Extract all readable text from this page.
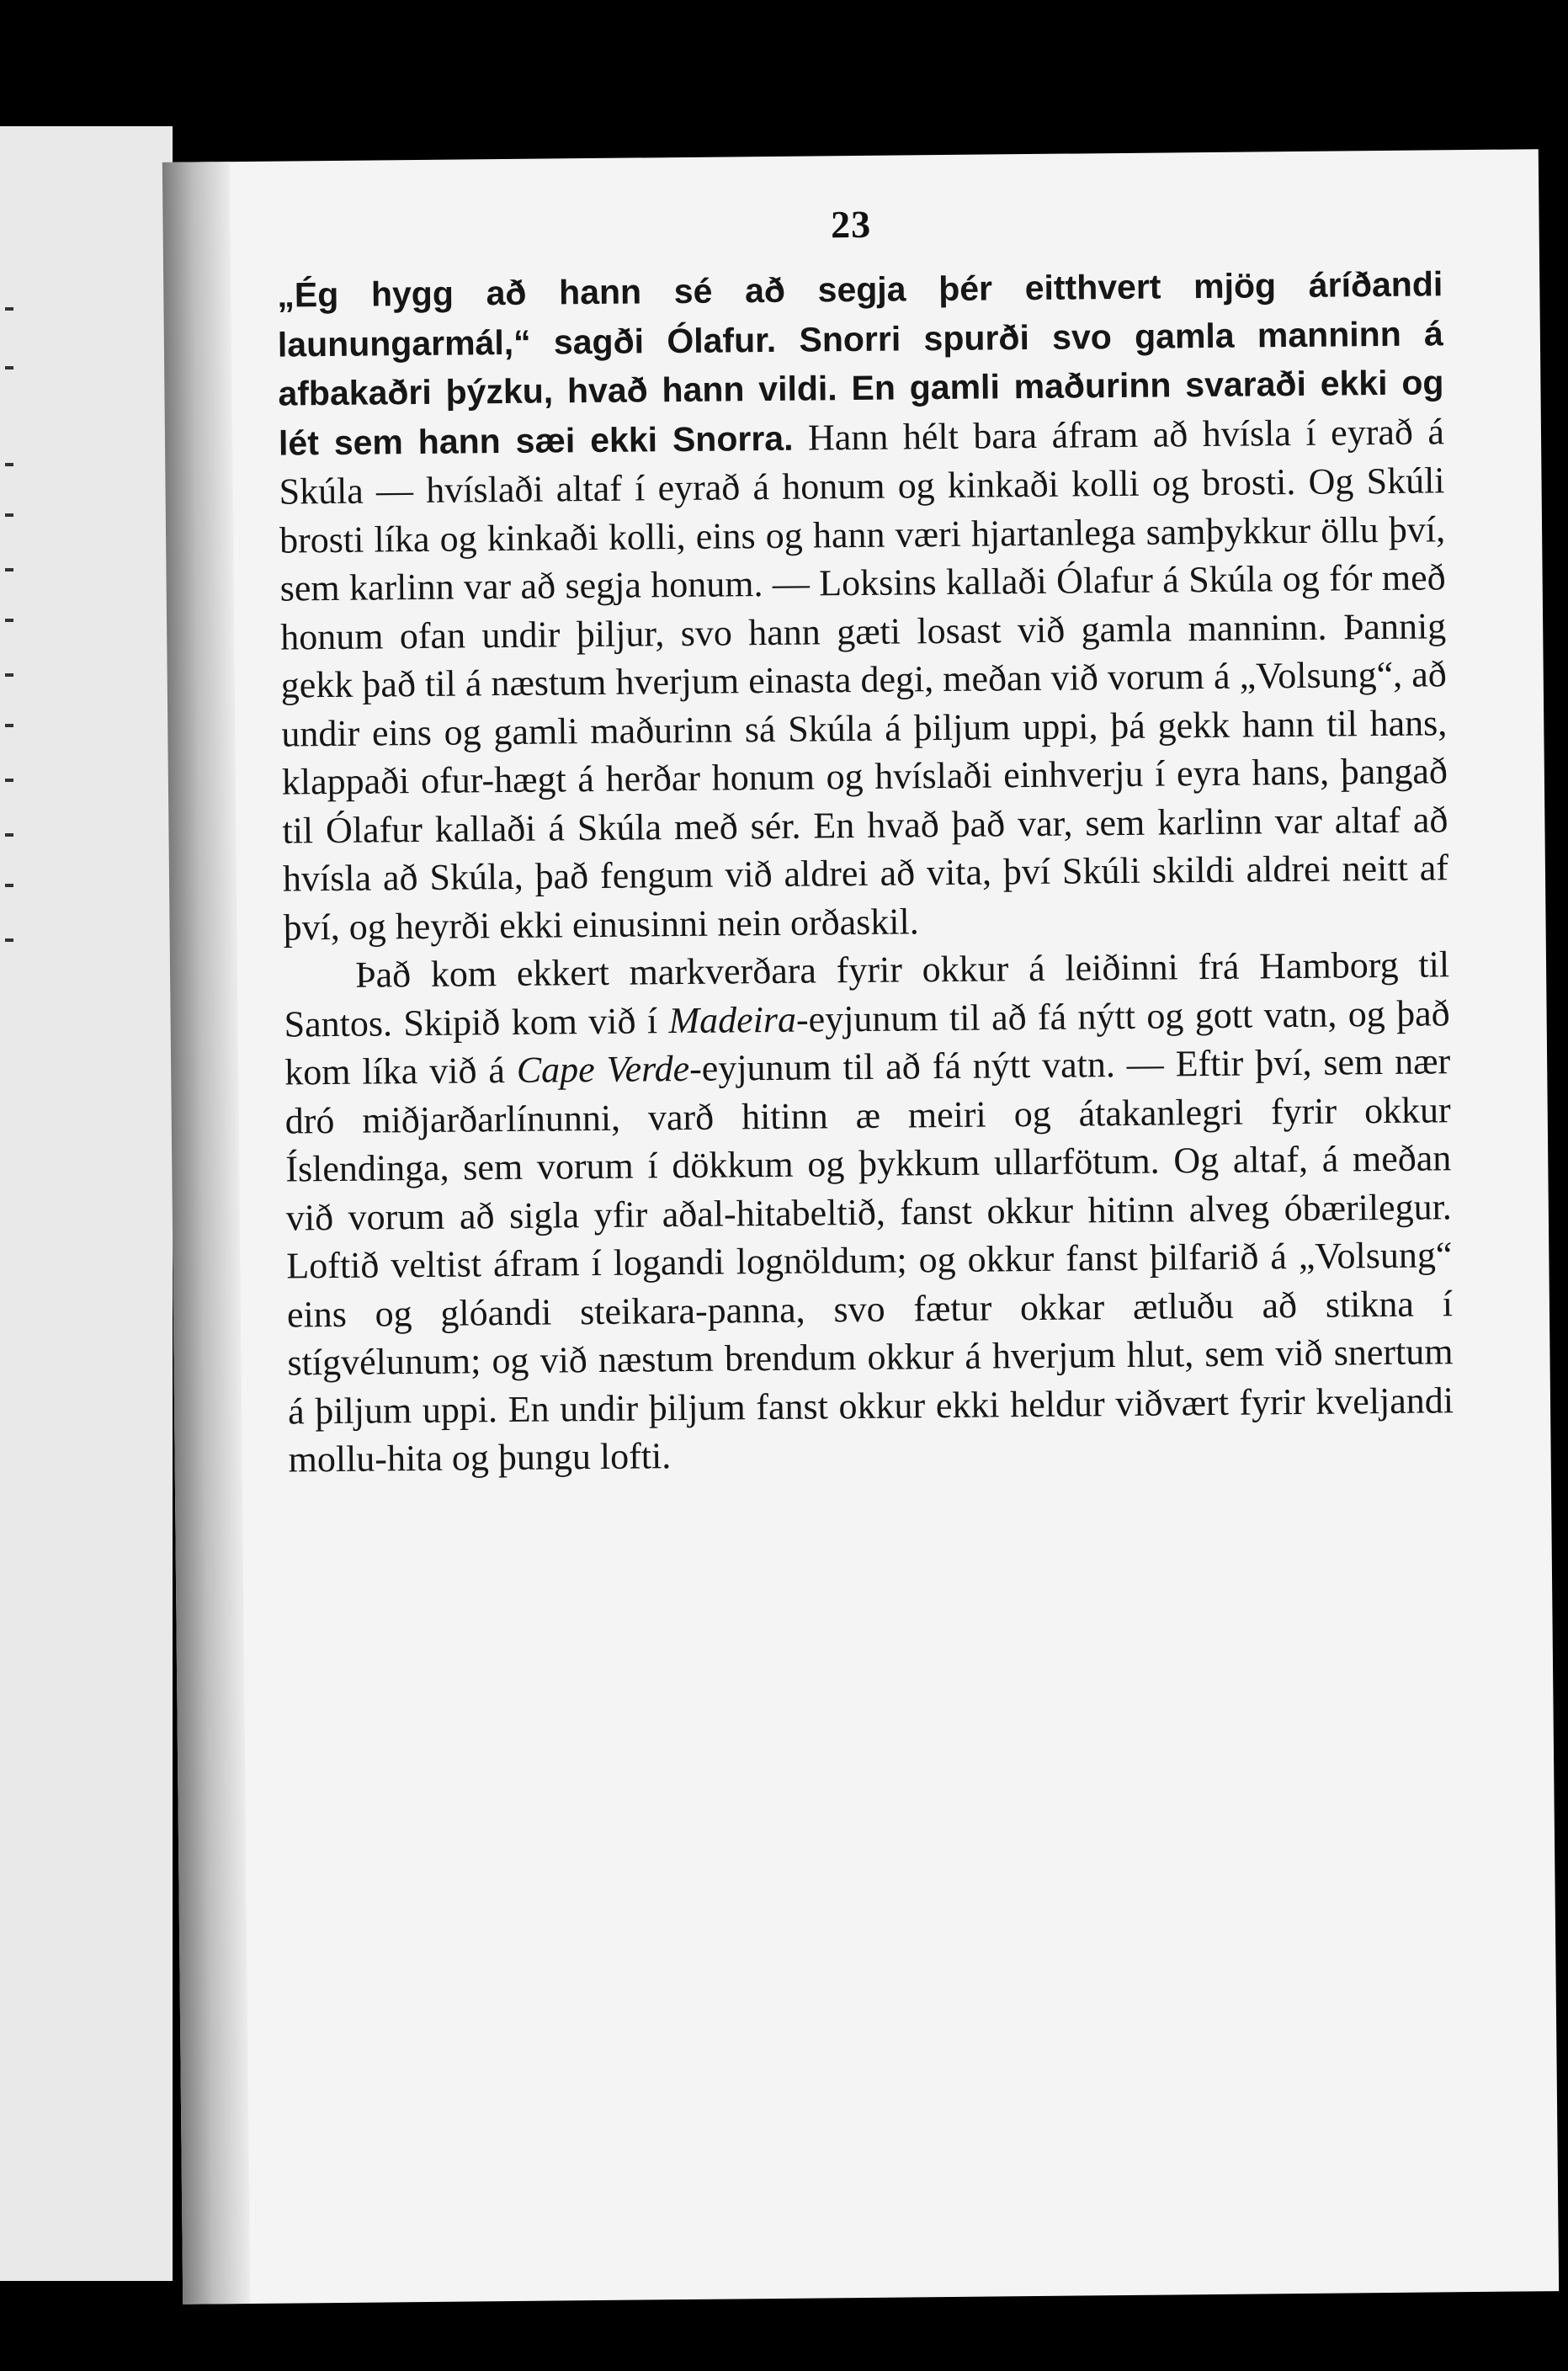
23

„Ég hygg að hann sé að segja þér eitthvert mjög áríðandi launungarmál,“ sagði Ólafur. Snorri spurði svo gamla manninn á afbakaðri þýzku, hvað hann vildi. En gamli maðurinn svaraði ekki og lét sem hann sæi ekki Snorra. Hann hélt bara áfram að hvísla í eyrað á Skúla — hvíslaði altaf í eyrað á honum og kinkaði kolli og brosti. Og Skúli brosti líka og kinkaði kolli, eins og hann væri hjartanlega samþykkur öllu því, sem karlinn var að segja honum. — Loksins kallaði Ólafur á Skúla og fór með honum ofan undir þiljur, svo hann gæti losast við gamla manninn. Þannig gekk það til á næstum hverjum einasta degi, meðan við vorum á „Volsung“, að undir eins og gamli maðurinn sá Skúla á þiljum uppi, þá gekk hann til hans, klappaði ofur-hægt á herðar honum og hvíslaði einhverju í eyra hans, þangað til Ólafur kallaði á Skúla með sér. En hvað það var, sem karlinn var altaf að hvísla að Skúla, það fengum við aldrei að vita, því Skúli skildi aldrei neitt af því, og heyrði ekki einusinni nein orðaskil.

Það kom ekkert markverðara fyrir okkur á leiðinni frá Hamborg til Santos. Skipið kom við í Madeira-eyjunum til að fá nýtt og gott vatn, og það kom líka við á Cape Verde-eyjunum til að fá nýtt vatn. — Eftir því, sem nær dró miðjarðarlínunni, varð hitinn æ meiri og átakanlegri fyrir okkur Íslendinga, sem vorum í dökkum og þykkum ullarfötum. Og altaf, á meðan við vorum að sigla yfir aðal-hitabeltið, fanst okkur hitinn alveg óbærilegur. Loftið veltist áfram í logandi lognöldum; og okkur fanst þilfarið á „Volsung“ eins og glóandi steikara-panna, svo fætur okkar ætluðu að stikna í stígvélunum; og við næstum brendum okkur á hverjum hlut, sem við snertum á þiljum uppi. En undir þiljum fanst okkur ekki heldur viðvært fyrir kveljandi mollu-hita og þungu lofti.
